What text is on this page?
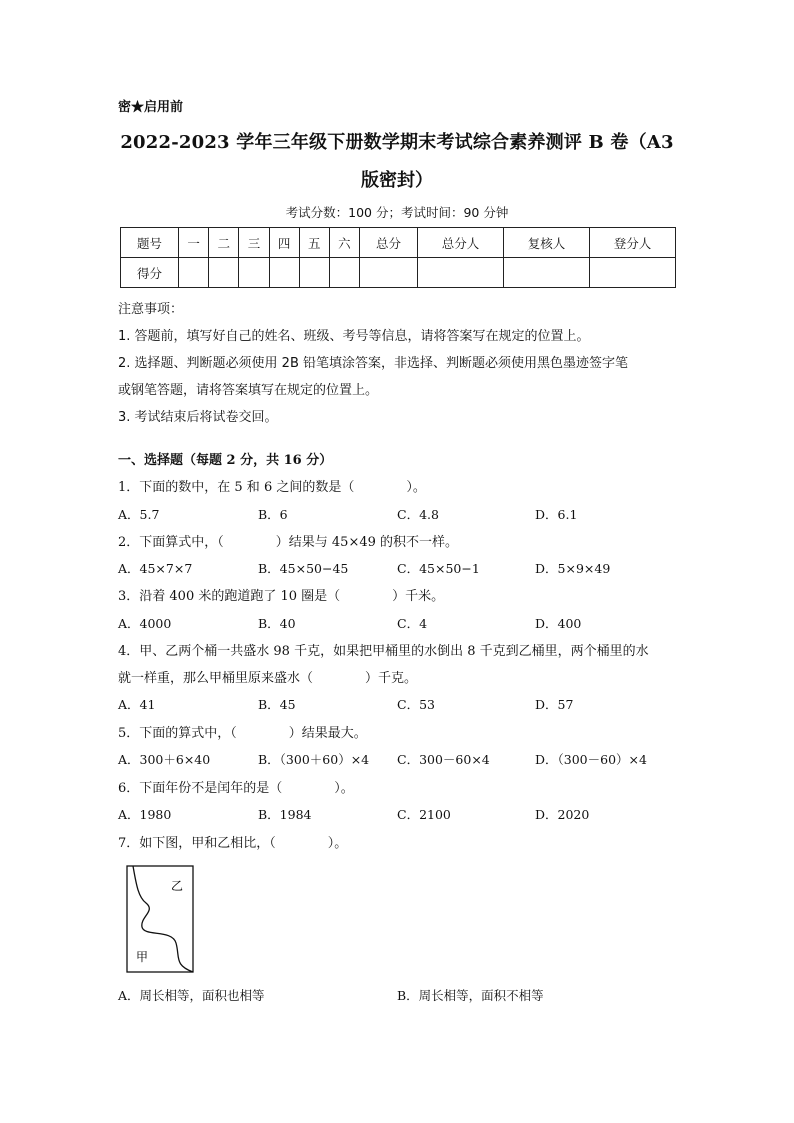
密★启用前
2022-2023 学年三年级下册数学期末考试综合素养测评 B 卷（A3
版密封）
考试分数：100 分；考试时间：90 分钟
题号	一	二	三	四	五	六	总分	总分人	复核人	登分人
得分										
注意事项：
1. 答题前，填写好自己的姓名、班级、考号等信息，请将答案写在规定的位置上。
2. 选择题、判断题必须使用 2B 铅笔填涂答案，非选择、判断题必须使用黑色墨迹签字笔
或钢笔答题，请将答案填写在规定的位置上。
3. 考试结束后将试卷交回。
一、选择题（每题 2 分，共 16 分）
1．下面的数中，在 5 和 6 之间的数是（　　　　）。
A．5.7	B．6	C．4.8	D．6.1
2．下面算式中，（　　　　）结果与 45×49 的积不一样。
A．45×7×7	B．45×50−45	C．45×50−1	D．5×9×49
3．沿着 400 米的跑道跑了 10 圈是（　　　　）千米。
A．4000	B．40	C．4	D．400
4．甲、乙两个桶一共盛水 98 千克，如果把甲桶里的水倒出 8 千克到乙桶里，两个桶里的水
就一样重，那么甲桶里原来盛水（　　　　）千克。
A．41	B．45	C．53	D．57
5．下面的算式中，（　　　　）结果最大。
A．300＋6×40	B．（300＋60）×4 C．300－60×4	D．（300－60）×4
6．下面年份不是闰年的是（　　　　）。
A．1980	B．1984	C．2100	D．2020
7．如下图，甲和乙相比，（　　　　）。
乙
甲
A．周长相等，面积也相等	B．周长相等，面积不相等
